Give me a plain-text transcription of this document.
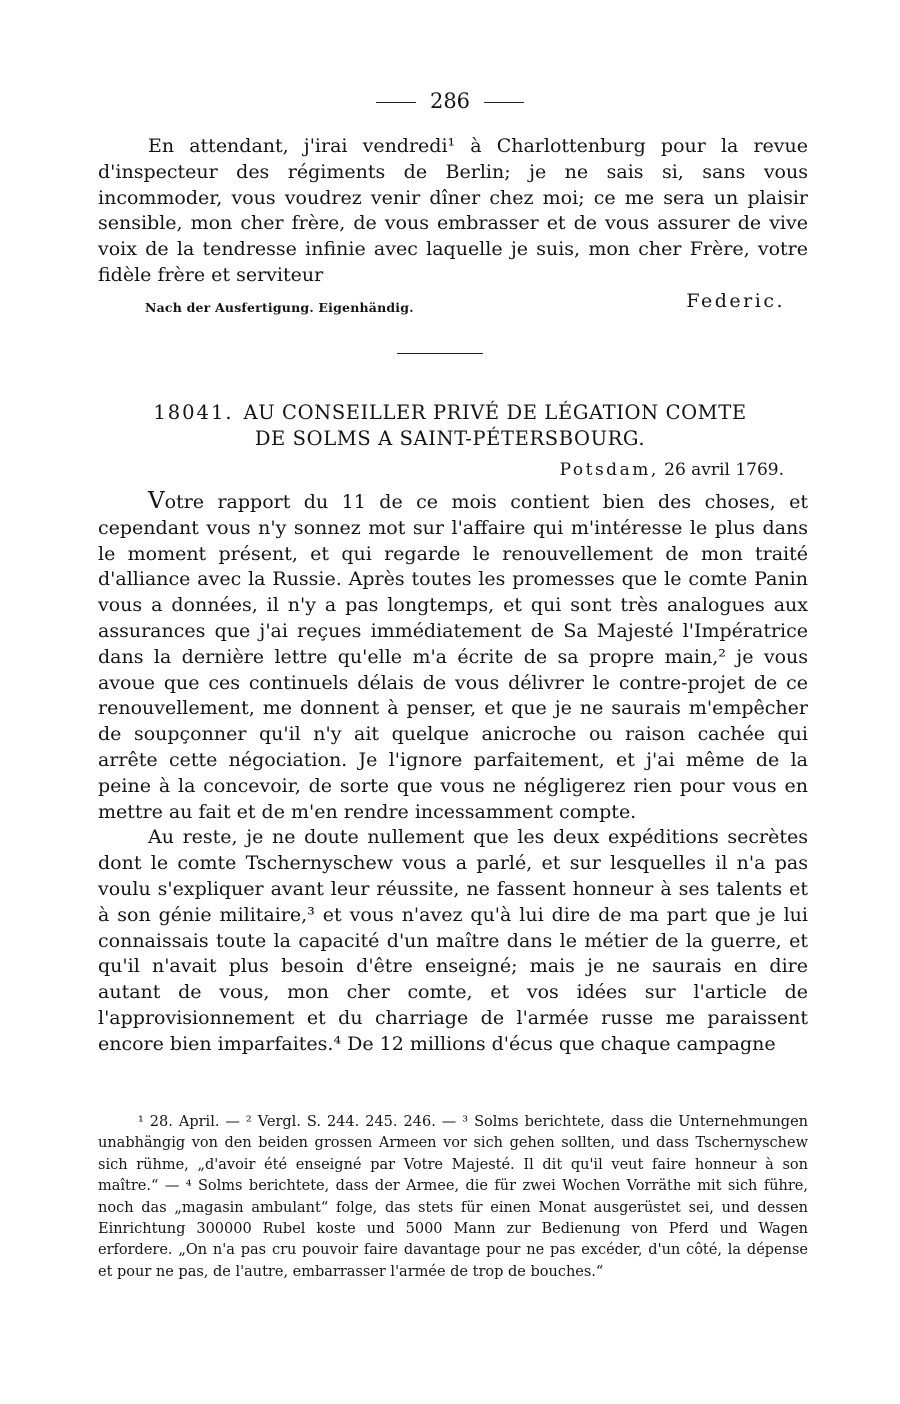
286

En attendant, j'irai vendredi¹ à Charlottenburg pour la revue d'inspecteur des régiments de Berlin; je ne sais si, sans vous incommoder, vous voudrez venir dîner chez moi; ce me sera un plaisir sensible, mon cher frère, de vous embrasser et de vous assurer de vive voix de la tendresse infinie avec laquelle je suis, mon cher Frère, votre fidèle frère et serviteur

Nach der Ausfertigung. Eigenhändig.	Federic.
18041. AU CONSEILLER PRIVÉ DE LÉGATION COMTE
DE SOLMS A SAINT-PÉTERSBOURG.
Potsdam, 26 avril 1769.

Votre rapport du 11 de ce mois contient bien des choses, et cependant vous n'y sonnez mot sur l'affaire qui m'intéresse le plus dans le moment présent, et qui regarde le renouvellement de mon traité d'alliance avec la Russie. Après toutes les promesses que le comte Panin vous a données, il n'y a pas longtemps, et qui sont très analogues aux assurances que j'ai reçues immédiatement de Sa Majesté l'Impératrice dans la dernière lettre qu'elle m'a écrite de sa propre main,² je vous avoue que ces continuels délais de vous délivrer le contre-projet de ce renouvellement, me donnent à penser, et que je ne saurais m'empêcher de soupçonner qu'il n'y ait quelque anicroche ou raison cachée qui arrête cette négociation. Je l'ignore parfaitement, et j'ai même de la peine à la concevoir, de sorte que vous ne négligerez rien pour vous en mettre au fait et de m'en rendre incessamment compte.

Au reste, je ne doute nullement que les deux expéditions secrètes dont le comte Tschernyschew vous a parlé, et sur lesquelles il n'a pas voulu s'expliquer avant leur réussite, ne fassent honneur à ses talents et à son génie militaire,³ et vous n'avez qu'à lui dire de ma part que je lui connaissais toute la capacité d'un maître dans le métier de la guerre, et qu'il n'avait plus besoin d'être enseigné; mais je ne saurais en dire autant de vous, mon cher comte, et vos idées sur l'article de l'approvisionnement et du charriage de l'armée russe me paraissent encore bien imparfaites.⁴ De 12 millions d'écus que chaque campagne

¹ 28. April. — ² Vergl. S. 244. 245. 246. — ³ Solms berichtete, dass die Unternehmungen unabhängig von den beiden grossen Armeen vor sich gehen sollten, und dass Tschernyschew sich rühme, „d'avoir été enseigné par Votre Majesté. Il dit qu'il veut faire honneur à son maître.“ — ⁴ Solms berichtete, dass der Armee, die für zwei Wochen Vorräthe mit sich führe, noch das „magasin ambulant“ folge, das stets für einen Monat ausgerüstet sei, und dessen Einrichtung 300000 Rubel koste und 5000 Mann zur Bedienung von Pferd und Wagen erfordere. „On n'a pas cru pouvoir faire davantage pour ne pas excéder, d'un côté, la dépense et pour ne pas, de l'autre, embarrasser l'armée de trop de bouches.“
